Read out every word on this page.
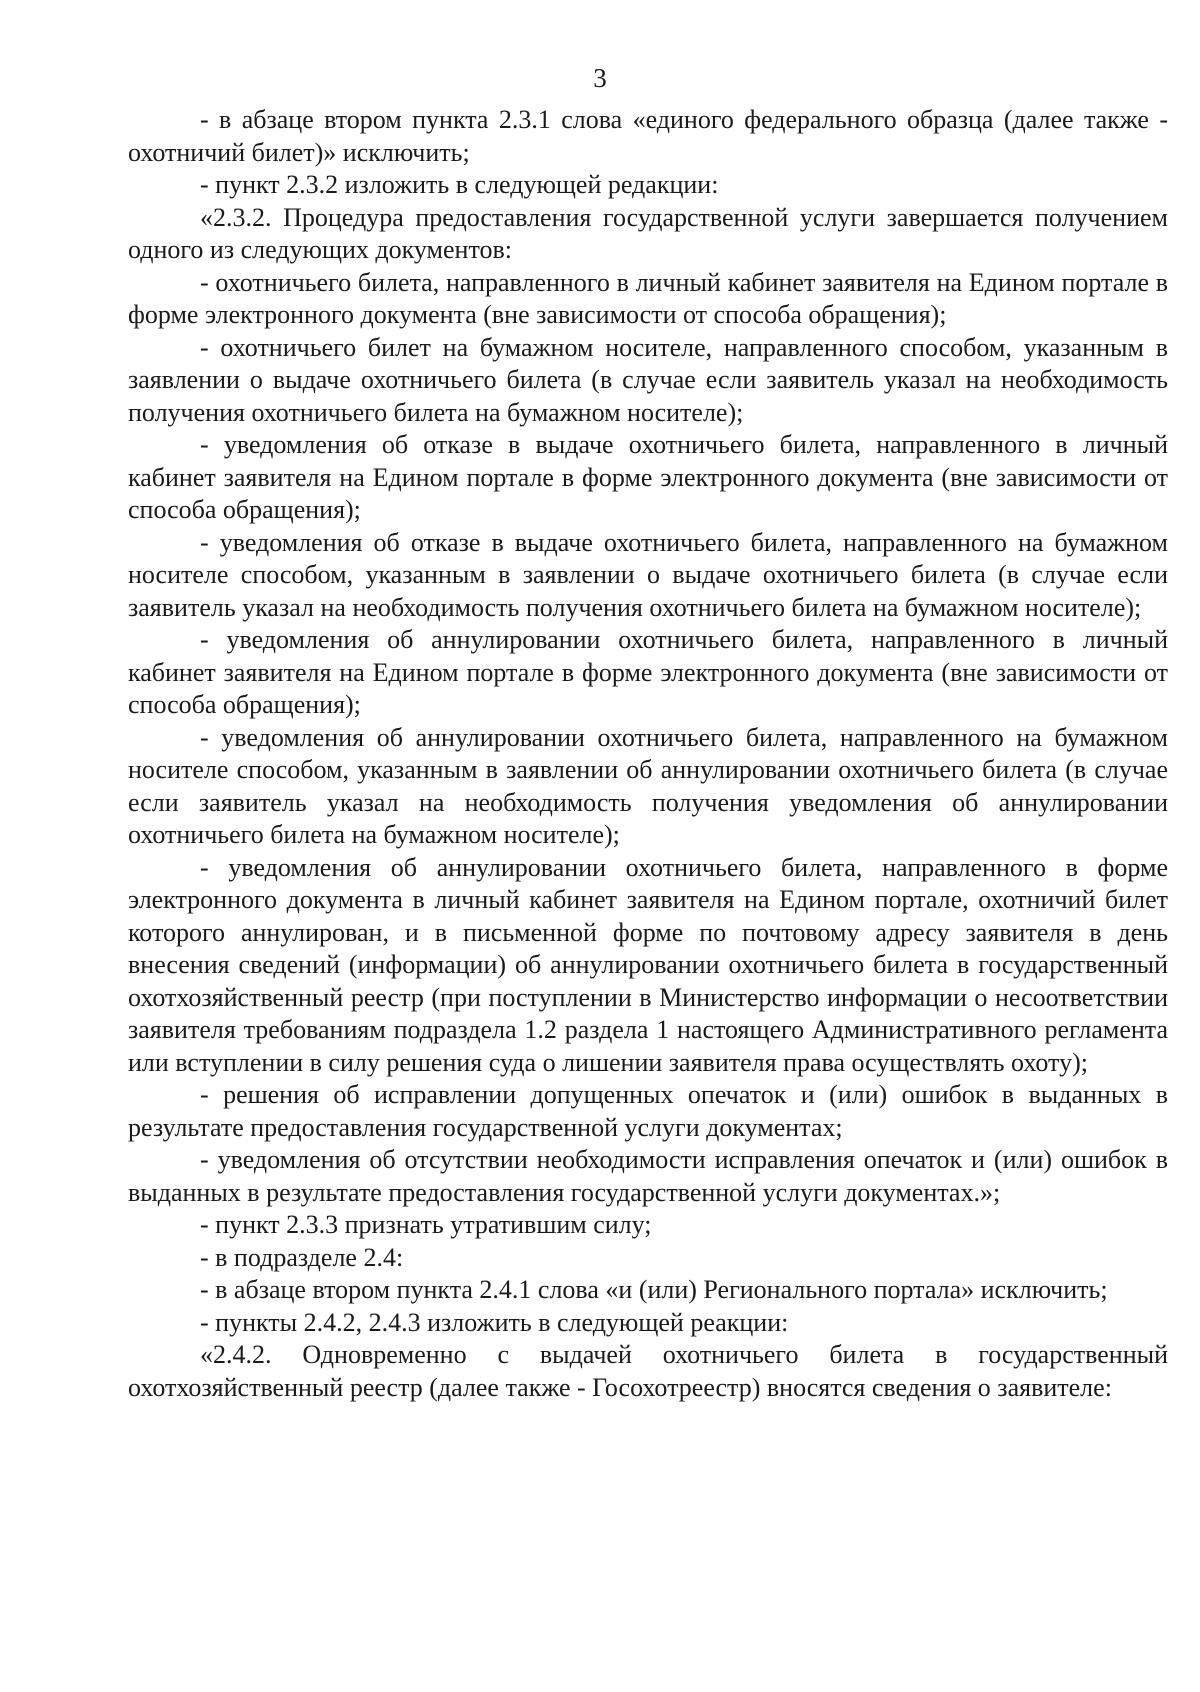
3

- в абзаце втором пункта 2.3.1 слова «единого федерального образца (далее также - охотничий билет)» исключить;

- пункт 2.3.2 изложить в следующей редакции:

«2.3.2. Процедура предоставления государственной услуги завершается получением одного из следующих документов:

- охотничьего билета, направленного в личный кабинет заявителя на Едином портале в форме электронного документа (вне зависимости от способа обращения);

- охотничьего билет на бумажном носителе, направленного способом, указанным в заявлении о выдаче охотничьего билета (в случае если заявитель указал на необходимость получения охотничьего билета на бумажном носителе);

- уведомления об отказе в выдаче охотничьего билета, направленного в личный кабинет заявителя на Едином портале в форме электронного документа (вне зависимости от способа обращения);

- уведомления об отказе в выдаче охотничьего билета, направленного на бумажном носителе способом, указанным в заявлении о выдаче охотничьего билета (в случае если заявитель указал на необходимость получения охотничьего билета на бумажном носителе);

- уведомления об аннулировании охотничьего билета, направленного в личный кабинет заявителя на Едином портале в форме электронного документа (вне зависимости от способа обращения);

- уведомления об аннулировании охотничьего билета, направленного на бумажном носителе способом, указанным в заявлении об аннулировании охотничьего билета (в случае если заявитель указал на необходимость получения уведомления об аннулировании охотничьего билета на бумажном носителе);

- уведомления об аннулировании охотничьего билета, направленного в форме электронного документа в личный кабинет заявителя на Едином портале, охотничий билет которого аннулирован, и в письменной форме по почтовому адресу заявителя в день внесения сведений (информации) об аннулировании охотничьего билета в государственный охотхозяйственный реестр (при поступлении в Министерство информации о несоответствии заявителя требованиям подраздела 1.2 раздела 1 настоящего Административного регламента или вступлении в силу решения суда о лишении заявителя права осуществлять охоту);

- решения об исправлении допущенных опечаток и (или) ошибок в выданных в результате предоставления государственной услуги документах;

- уведомления об отсутствии необходимости исправления опечаток и (или) ошибок в выданных в результате предоставления государственной услуги документах.»;

- пункт 2.3.3 признать утратившим силу;

- в подразделе 2.4:

- в абзаце втором пункта 2.4.1 слова «и (или) Регионального портала» исключить;

- пункты 2.4.2, 2.4.3 изложить в следующей реакции:

«2.4.2. Одновременно с выдачей охотничьего билета в государственный охотхозяйственный реестр (далее также - Госохотреестр) вносятся сведения о заявителе:
